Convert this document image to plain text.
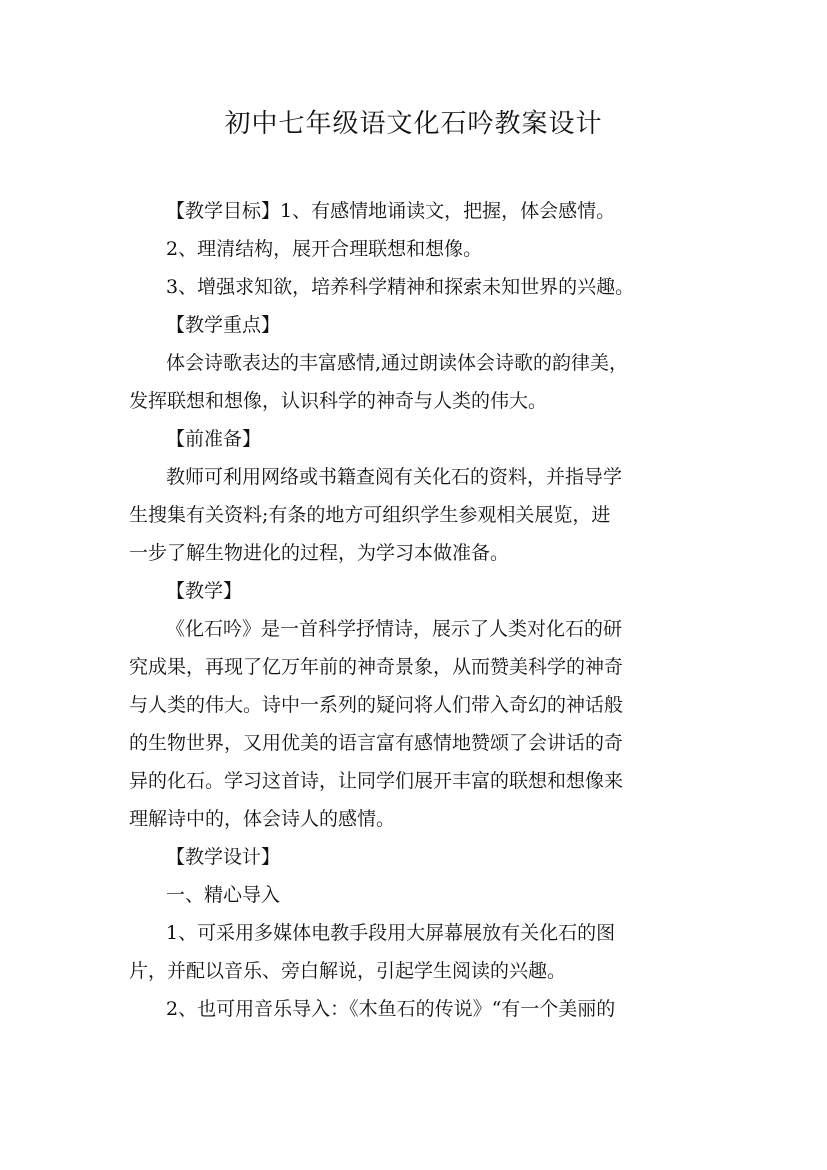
初中七年级语文化石吟教案设计
【教学目标】1、有感情地诵读文，把握，体会感情。
2、理清结构，展开合理联想和想像。
3、增强求知欲，培养科学精神和探索未知世界的兴趣。
【教学重点】
体会诗歌表达的丰富感情,通过朗读体会诗歌的韵律美，
发挥联想和想像，认识科学的神奇与人类的伟大。
【前准备】
教师可利用网络或书籍查阅有关化石的资料，并指导学
生搜集有关资料;有条的地方可组织学生参观相关展览，进
一步了解生物进化的过程，为学习本做准备。
【教学】
《化石吟》是一首科学抒情诗，展示了人类对化石的研
究成果，再现了亿万年前的神奇景象，从而赞美科学的神奇
与人类的伟大。诗中一系列的疑问将人们带入奇幻的神话般
的生物世界，又用优美的语言富有感情地赞颂了会讲话的奇
异的化石。学习这首诗，让同学们展开丰富的联想和想像来
理解诗中的，体会诗人的感情。
【教学设计】
一、精心导入
1、可采用多媒体电教手段用大屏幕展放有关化石的图
片，并配以音乐、旁白解说，引起学生阅读的兴趣。
2、也可用音乐导入：《木鱼石的传说》“有一个美丽的
